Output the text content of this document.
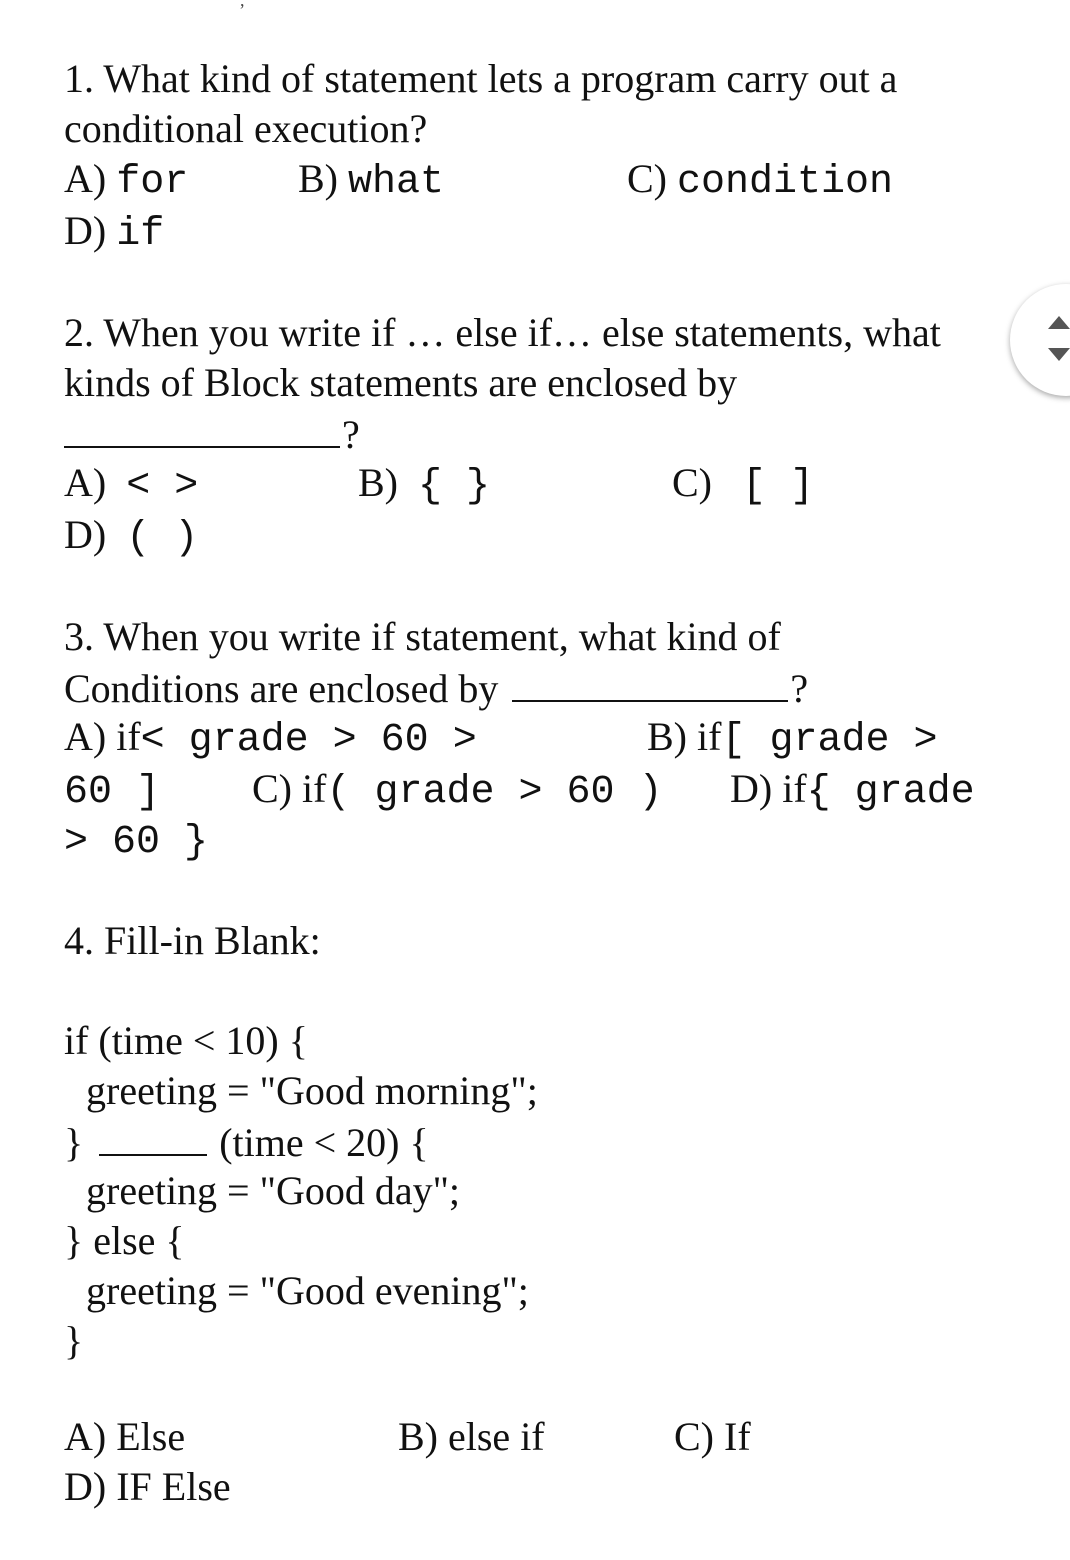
,
1. What kind of statement lets a program carry out a
conditional execution?
A) for	B) what	C) condition
D) if
2. When you write if … else if… else statements, what
kinds of Block statements are enclosed by
?
A) < >	B) { }	C) [ ]
D) ( )
3. When you write if statement, what kind of
Conditions are enclosed by	?
A) if< grade > 60 >	B) if[ grade >
60 ] C) if( grade > 60 ) D) if{ grade
> 60 }
4. Fill-in Blank:
if (time < 10) {
greeting = "Good morning";
}	(time < 20) {
greeting = "Good day";
} else {
greeting = "Good evening";
}
A) Else	B) else if	C) If
D) IF Else
